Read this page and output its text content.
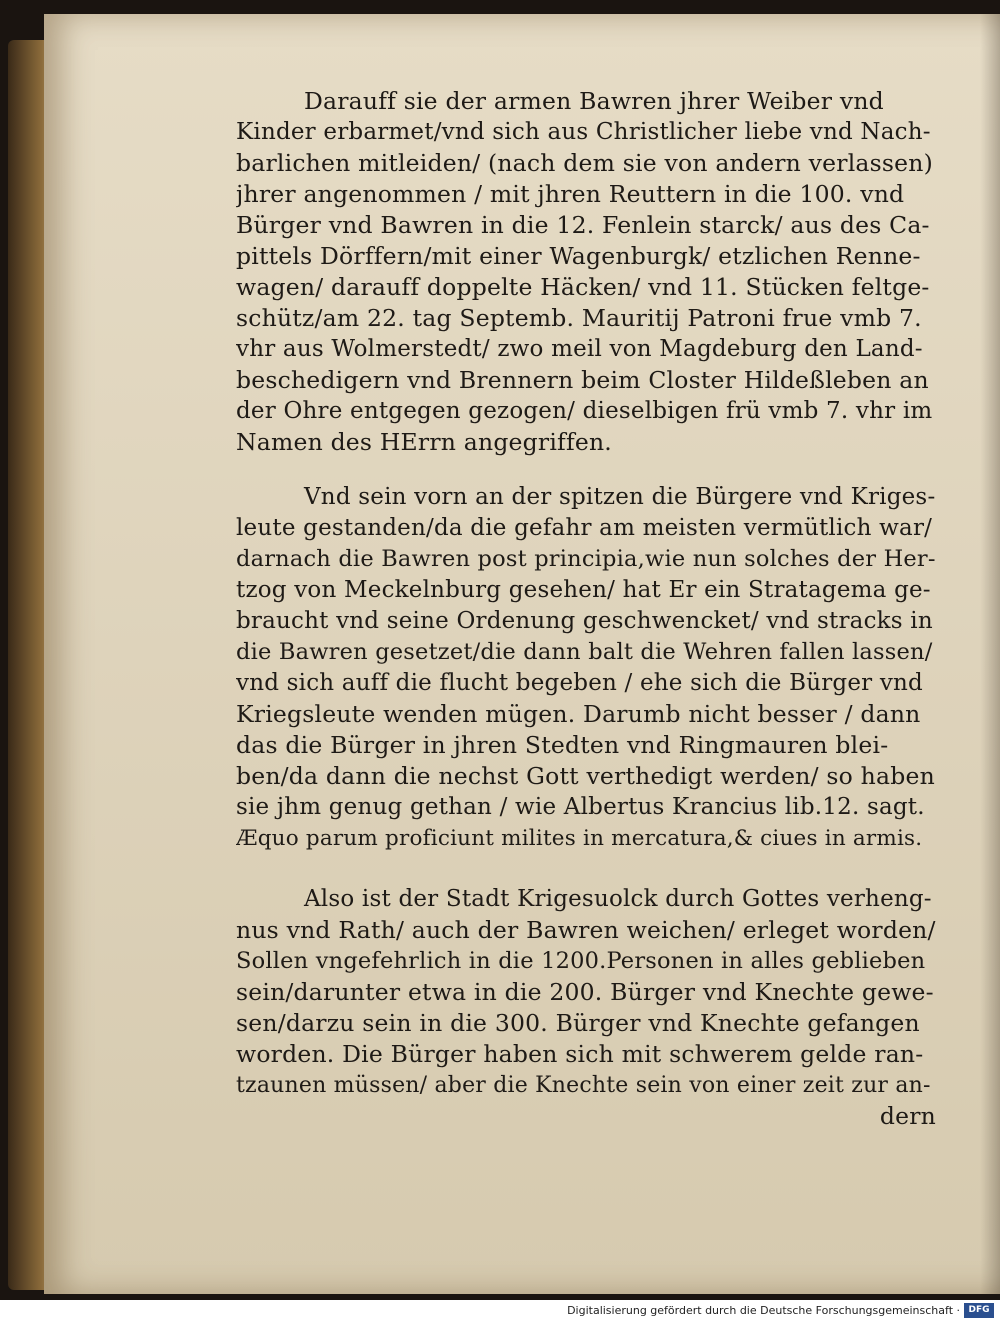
Darauff sie der armen Bawren jhrer Weiber vnd
Kinder erbarmet/vnd sich aus Christlicher liebe vnd Nach-
barlichen mitleiden/ (nach dem sie von andern verlassen)
jhrer angenommen / mit jhren Reuttern in die 100. vnd
Bürger vnd Bawren in die 12. Fenlein starck/ aus des Ca-
pittels Dörffern/mit einer Wagenburgk/ etzlichen Renne-
wagen/ darauff doppelte Häcken/ vnd 11. Stücken feltge-
schütz/am 22. tag Septemb. Mauritij Patroni frue vmb 7.
vhr aus Wolmerstedt/ zwo meil von Magdeburg den Land-
beschedigern vnd Brennern beim Closter Hildeßleben an
der Ohre entgegen gezogen/ dieselbigen frü vmb 7. vhr im
Namen des HErrn angegriffen.
Vnd sein vorn an der spitzen die Bürgere vnd Kriges-
leute gestanden/da die gefahr am meisten vermütlich war/
darnach die Bawren post principia,wie nun solches der Her-
tzog von Meckelnburg gesehen/ hat Er ein Stratagema ge-
braucht vnd seine Ordenung geschwencket/ vnd stracks in
die Bawren gesetzet/die dann balt die Wehren fallen lassen/
vnd sich auff die flucht begeben / ehe sich die Bürger vnd
Kriegsleute wenden mügen. Darumb nicht besser / dann
das die Bürger in jhren Stedten vnd Ringmauren blei-
ben/da dann die nechst Gott verthedigt werden/ so haben
sie jhm genug gethan / wie Albertus Krancius lib.12. sagt.
Æquo parum proficiunt milites in mercatura,& ciues in armis.
Also ist der Stadt Krigesuolck durch Gottes verheng-
nus vnd Rath/ auch der Bawren weichen/ erleget worden/
Sollen vngefehrlich in die 1200.Personen in alles geblieben
sein/darunter etwa in die 200. Bürger vnd Knechte gewe-
sen/darzu sein in die 300. Bürger vnd Knechte gefangen
worden. Die Bürger haben sich mit schwerem gelde ran-
tzaunen müssen/ aber die Knechte sein von einer zeit zur an-
dern
Digitalisierung gefördert durch die Deutsche Forschungsgemeinschaft · DFG
